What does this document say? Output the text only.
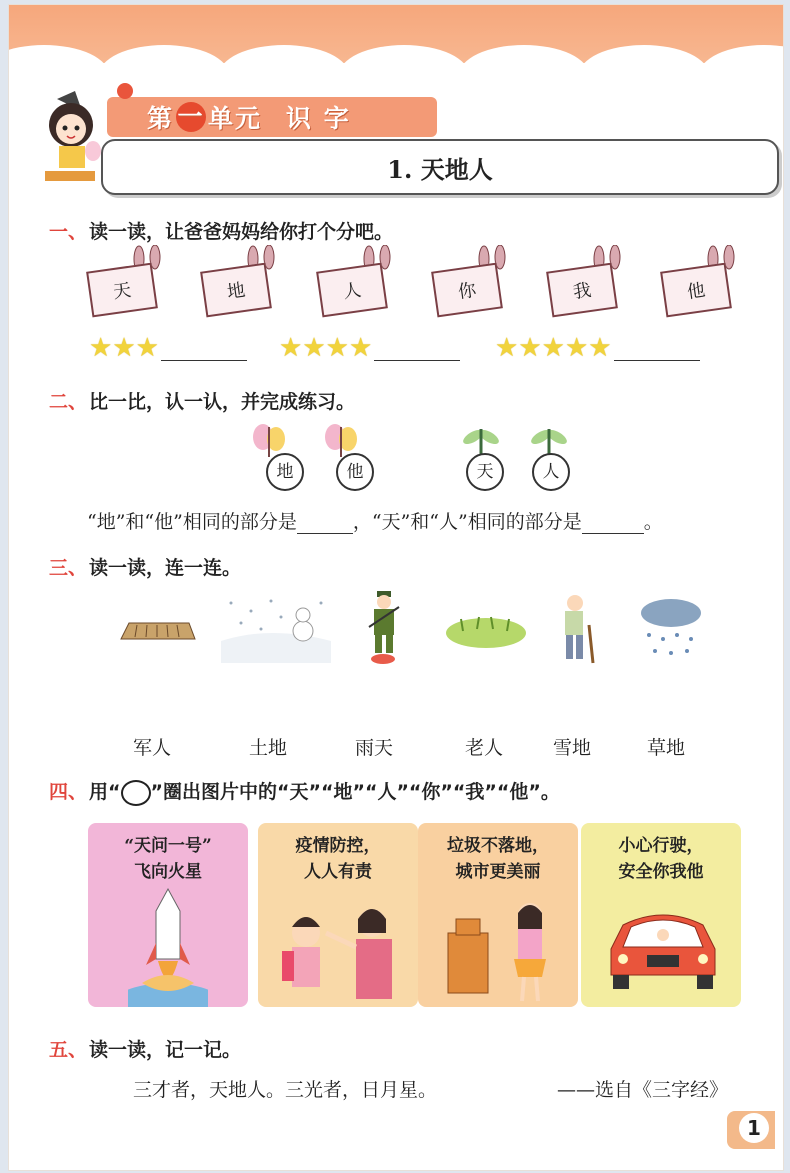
第 一 单元 识 字
1. 天地人
一、 读一读，让爸爸妈妈给你打个分吧。
天	地	人	你	我	他
★ ★ ★	★ ★ ★ ★	★ ★ ★ ★ ★
二、 比一比，认一认，并完成练习。
地	他	天	人
“地”和“他”相同的部分是	，“天”和“人”相同的部分是	。
三、 读一读，连一连。
军人	土地	雨天	老人	雪地	草地
四、 用“ ”圈出图片中的“天”“地”“人”“你”“我”“他”。
“天问一号”
飞向火星
疫情防控，
人人有责
垃圾不落地，
城市更美丽
小心行驶，
安全你我他
五、 读一读，记一记。
三才者，天地人。三光者，日月星。	——选自《三字经》
1
